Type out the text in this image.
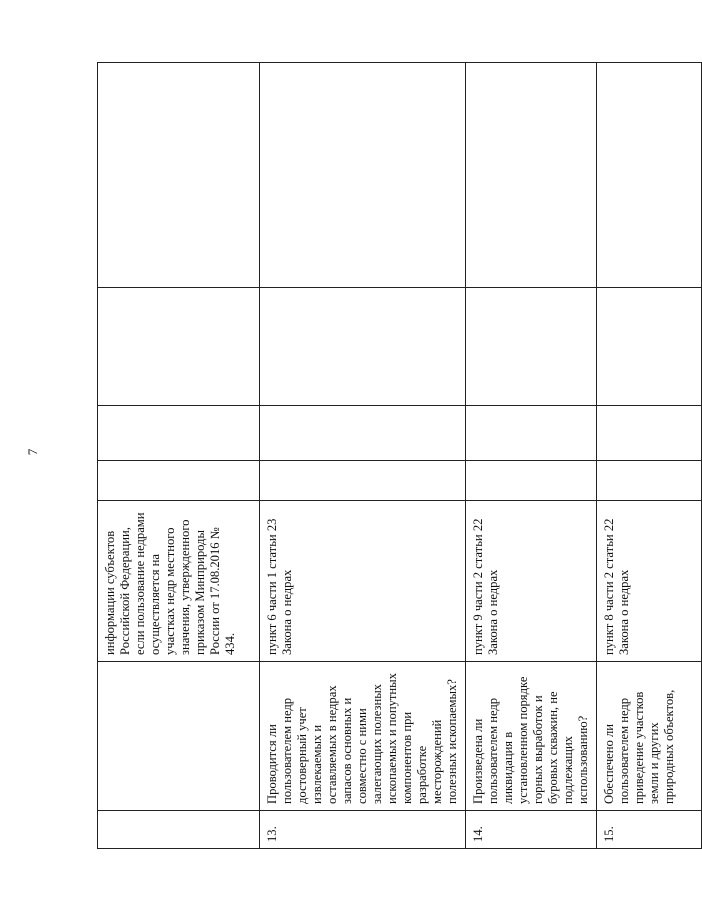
7
		информации субъектов Российской Федерации, если пользование недрами осуществляется на участках недр местного значения, утвержденного приказом Минприроды России от 17.08.2016 № 434.				
13.	Проводится ли пользователем недр достоверный учет извлекаемых и оставляемых в недрах запасов основных и совместно с ними залегающих полезных ископаемых и попутных компонентов при разработке месторождений полезных ископаемых?	пункт 6 части 1 статьи 23 Закона о недрах				
14.	Произведена ли пользователем недр ликвидация в установленном порядке горных выработок и буровых скважин, не подлежащих использованию?	пункт 9 части 2 статьи 22 Закона о недрах				
15.	Обеспечено ли пользователем недр приведение участков земли и других природных объектов,	пункт 8 части 2 статьи 22 Закона о недрах				
